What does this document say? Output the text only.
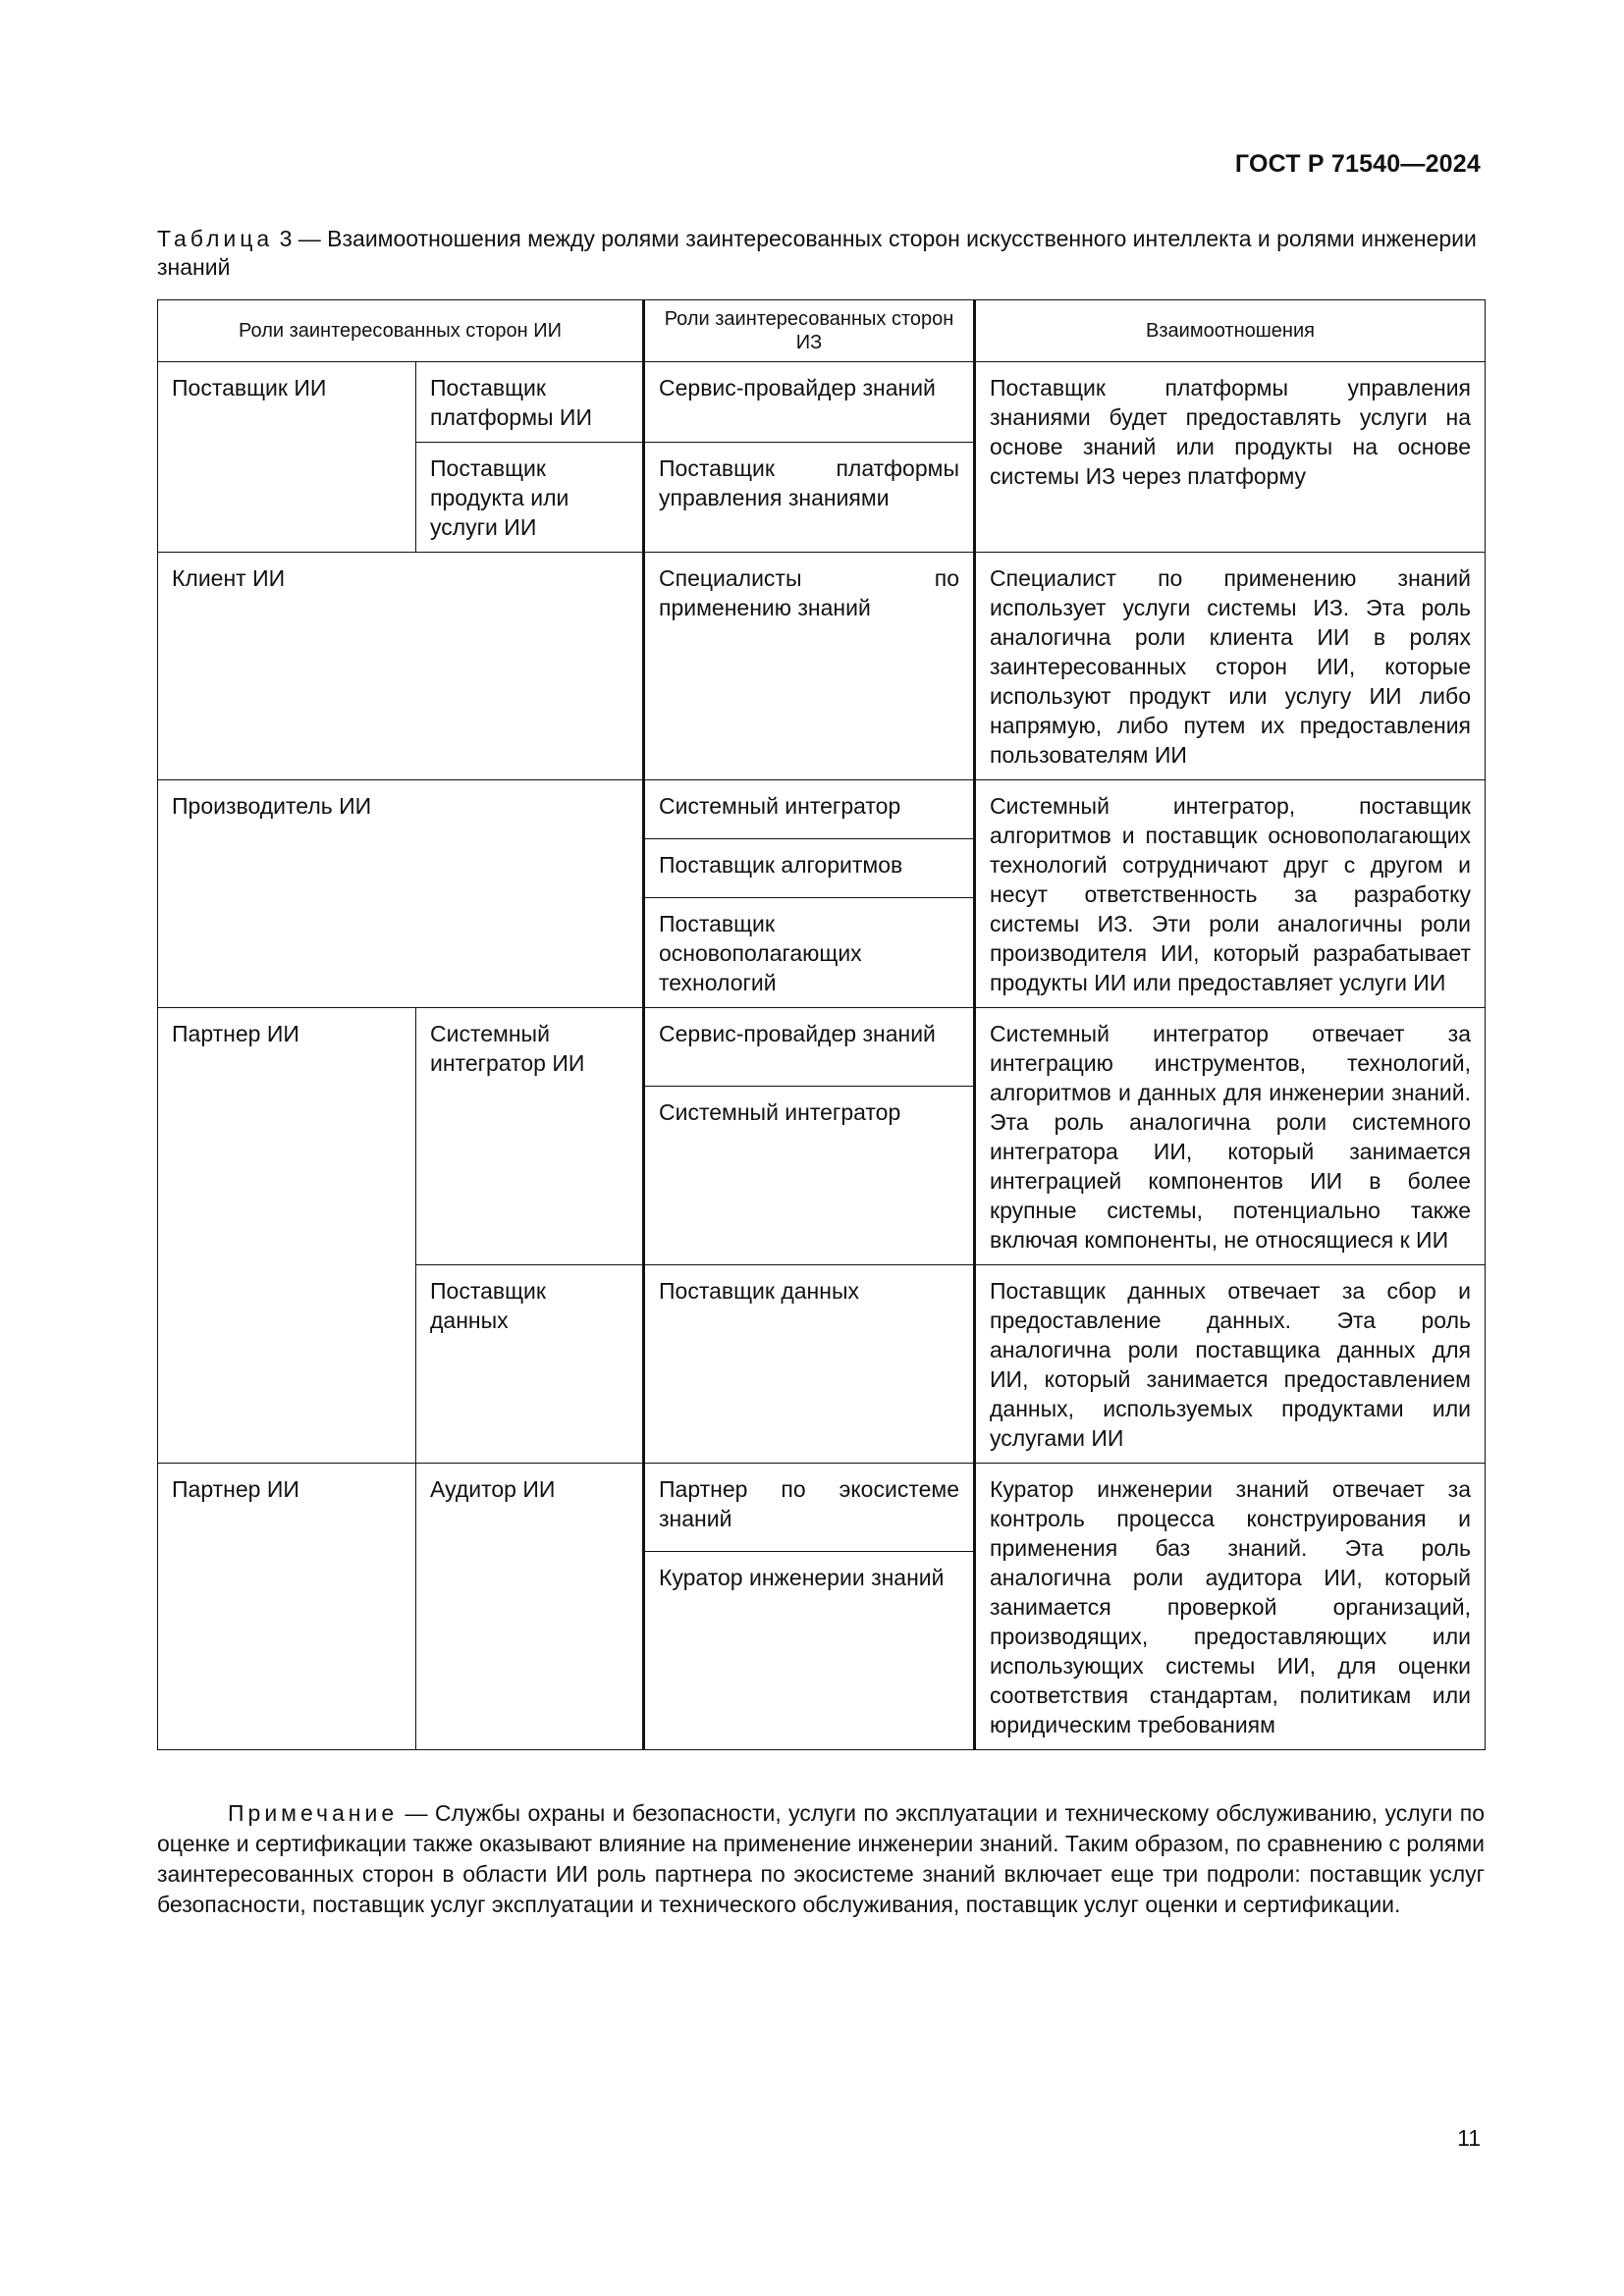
ГОСТ Р 71540—2024
Таблица 3 — Взаимоотношения между ролями заинтересованных сторон искусственного интеллекта и ролями инженерии знаний
Роли заинтересованных сторон ИИ		Роли заинтересованных сторон ИЗ	Взаимоотношения
Поставщик ИИ	Поставщик платформы ИИ	Сервис-провайдер знаний	Поставщик платформы управления знаниями будет предоставлять услуги на основе знаний или продукты на основе системы ИЗ через платформу
	Поставщик продукта или услуги ИИ	Поставщик платформы управления знаниями	
Клиент ИИ		Специалисты по применению знаний	Специалист по применению знаний использует услуги системы ИЗ. Эта роль аналогична роли клиента ИИ в ролях заинтересованных сторон ИИ, которые используют продукт или услугу ИИ либо напрямую, либо путем их предоставления пользователям ИИ
Производитель ИИ		Системный интегратор	Системный интегратор, поставщик алгоритмов и поставщик основополагающих технологий сотрудничают друг с другом и несут ответственность за разработку системы ИЗ. Эти роли аналогичны роли производителя ИИ, который разрабатывает продукты ИИ или предоставляет услуги ИИ
		Поставщик алгоритмов	
		Поставщик основополагающих технологий	
Партнер ИИ	Системный интегратор ИИ	Сервис-провайдер знаний	Системный интегратор отвечает за интеграцию инструментов, технологий, алгоритмов и данных для инженерии знаний. Эта роль аналогична роли системного интегратора ИИ, который занимается интеграцией компонентов ИИ в более крупные системы, потенциально также включая компоненты, не относящиеся к ИИ
		Системный интегратор	
	Поставщик данных	Поставщик данных	Поставщик данных отвечает за сбор и предоставление данных. Эта роль аналогична роли поставщика данных для ИИ, который занимается предоставлением данных, используемых продуктами или услугами ИИ
Партнер ИИ	Аудитор ИИ	Партнер по экосистеме знаний	Куратор инженерии знаний отвечает за контроль процесса конструирования и применения баз знаний. Эта роль аналогична роли аудитора ИИ, который занимается проверкой организаций, производящих, предоставляющих или использующих системы ИИ, для оценки соответствия стандартам, политикам или юридическим требованиям
		Куратор инженерии знаний	
Примечание — Службы охраны и безопасности, услуги по эксплуатации и техническому обслуживанию, услуги по оценке и сертификации также оказывают влияние на применение инженерии знаний. Таким образом, по сравнению с ролями заинтересованных сторон в области ИИ роль партнера по экосистеме знаний включает еще три подроли: поставщик услуг безопасности, поставщик услуг эксплуатации и технического обслуживания, поставщик услуг оценки и сертификации.
11
